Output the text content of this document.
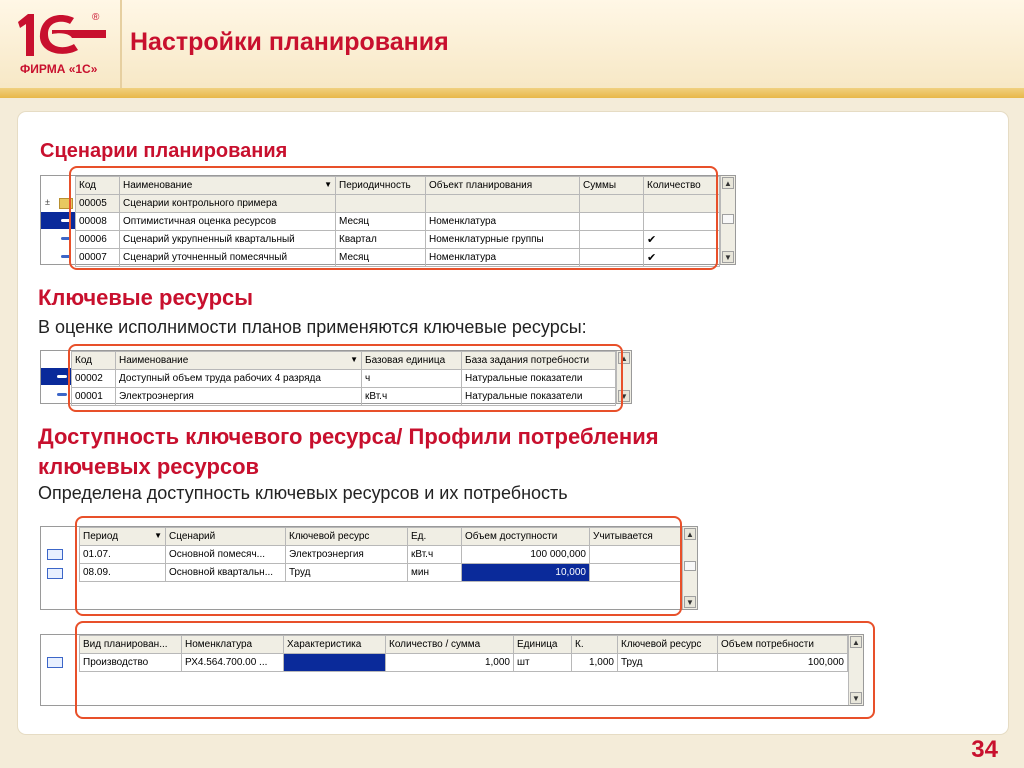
®
ФИРМА «1С»
Настройки планирования
Сценарии планирования
±
Код	Наименование ▼	Периодичность	Объект планирования	Суммы	Количество
00005	Сценарии контрольного примера				
00008	Оптимистичная оценка ресурсов	Месяц	Номенклатура		
00006	Сценарий укрупненный квартальный	Квартал	Номенклатурные группы		✔
00007	Сценарий уточненный помесячный	Месяц	Номенклатура		✔
▲
▼
Ключевые ресурсы
В оценке исполнимости планов применяются ключевые ресурсы:
Код	Наименование ▼	Базовая единица	База задания потребности
00002	Доступный объем труда рабочих 4 разряда	ч	Натуральные показатели
00001	Электроэнергия	кВт.ч	Натуральные показатели
▲
▼
Доступность ключевого ресурса/ Профили потребления
ключевых ресурсов
Определена доступность ключевых ресурсов и их потребность
Период ▼	Сценарий	Ключевой ресурс	Ед.	Объем доступности	Учитывается
01.07.	Основной помесяч...	Электроэнергия	кВт.ч	100 000,000	
08.09.	Основной квартальн...	Труд	мин	10,000	
▲
▼
Вид планирован...	Номенклатура	Характеристика	Количество / сумма	Единица	К.	Ключевой ресурс	Объем потребности
Производство	РХ4.564.700.00 ...		1,000	шт	1,000	Труд	100,000
▲
▼
34
